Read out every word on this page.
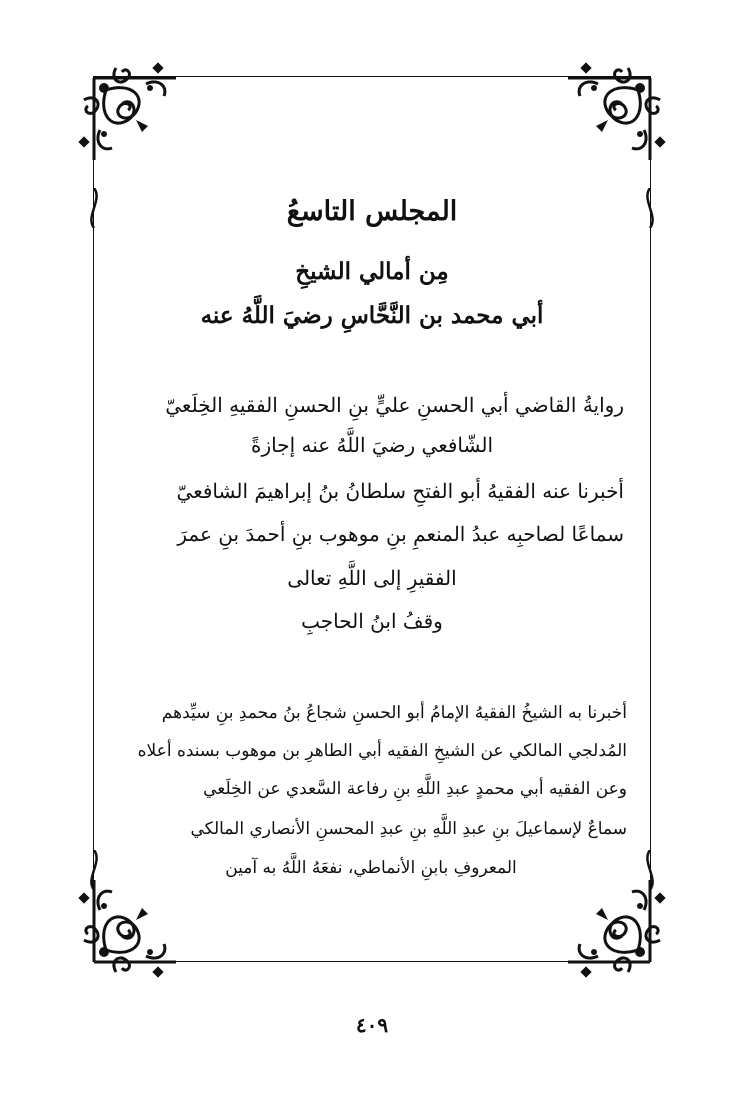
المجلس التاسعُ
مِن أمالي الشيخِ
أبي محمد بن النَّحَّاسِ رضيَ اللَّهُ عنه
روايةُ القاضي أبي الحسنِ عليٍّ بنِ الحسنِ الفقيهِ الخِلَعيّ
الشّافعي رضيَ اللَّهُ عنه إجازةً
أخبرنا عنه الفقيهُ أبو الفتحِ سلطانُ بنُ إبراهيمَ الشافعيّ
سماعًا لصاحبِه عبدُ المنعمِ بنِ موهوب بنِ أحمدَ بنِ عمرَ
الفقيرِ إلى اللَّهِ تعالى
وقفُ ابنُ الحاجبِ
أخبرنا به الشيخُ الفقيهُ الإمامُ أبو الحسنِ شجاعُ بنُ محمدِ بنِ سيِّدهم
المُدلجي المالكي عن الشيخِ الفقيه أبي الطاهرِ بن موهوب بسنده أعلاه
وعن الفقيه أبي محمدٍ عبدِ اللَّهِ بنِ رفاعة السَّعدي عن الخِلَعي
سماعٌ لإسماعيلَ بنِ عبدِ اللَّهِ بنِ عبدِ المحسنِ الأنصاري المالكي
المعروفِ بابنِ الأنماطي، نفعَهُ اللَّهُ به آمين
٤٠٩
